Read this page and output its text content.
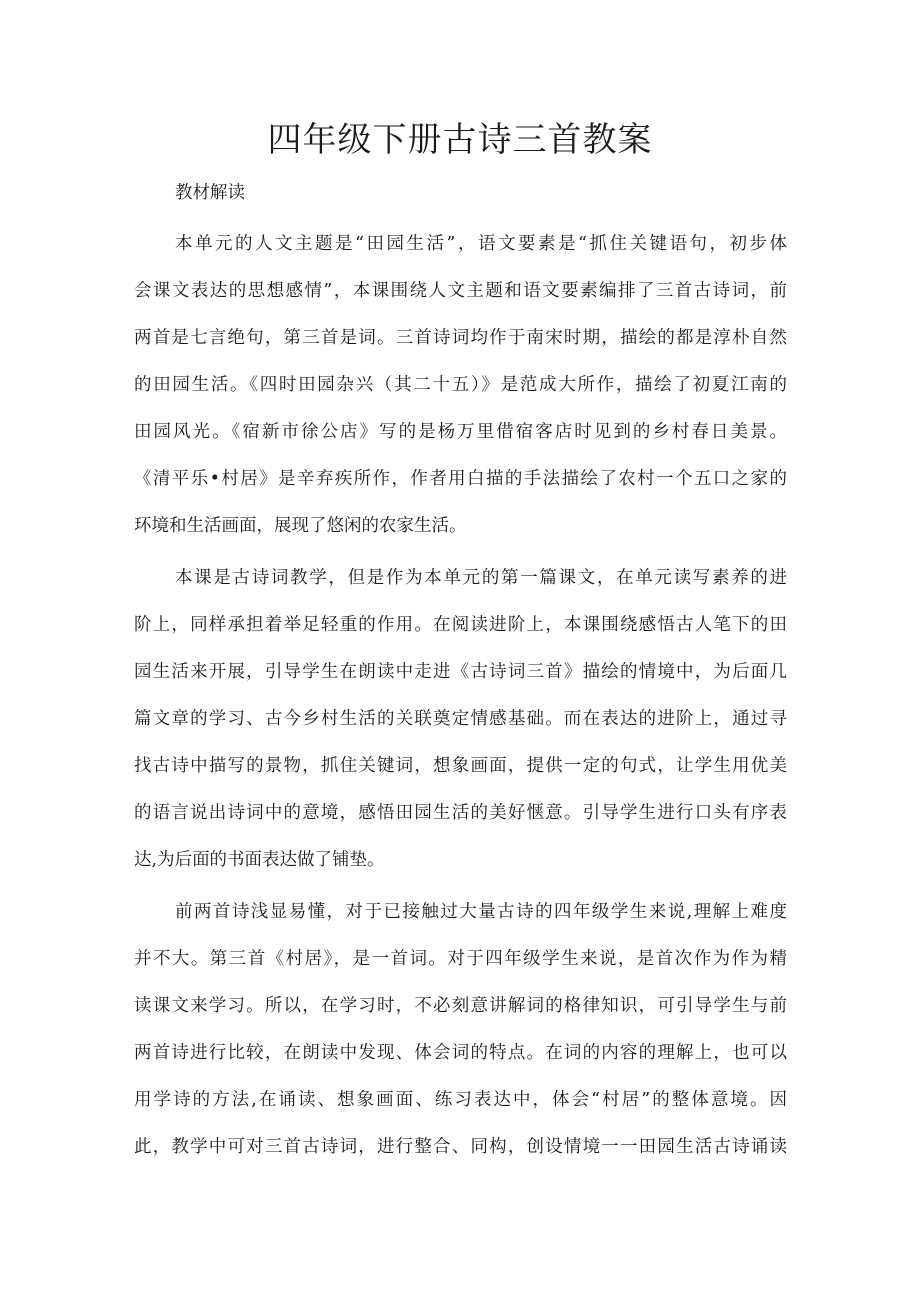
四年级下册古诗三首教案

教材解读

本单元的人文主题是“田园生活”，语文要素是“抓住关键语句，初步体

会课文表达的思想感情”，本课围绕人文主题和语文要素编排了三首古诗词，前

两首是七言绝句，第三首是词。三首诗词均作于南宋时期，描绘的都是淳朴自然

的田园生活。《四时田园杂兴（其二十五）》是范成大所作，描绘了初夏江南的

田园风光。《宿新市徐公店》写的是杨万里借宿客店时见到的乡村春日美景。

《清平乐•村居》是辛弃疾所作，作者用白描的手法描绘了农村一个五口之家的

环境和生活画面，展现了悠闲的农家生活。

本课是古诗词教学，但是作为本单元的第一篇课文，在单元读写素养的进

阶上，同样承担着举足轻重的作用。在阅读进阶上，本课围绕感悟古人笔下的田

园生活来开展，引导学生在朗读中走进《古诗词三首》描绘的情境中，为后面几

篇文章的学习、古今乡村生活的关联奠定情感基础。而在表达的进阶上，通过寻

找古诗中描写的景物，抓住关键词，想象画面，提供一定的句式，让学生用优美

的语言说出诗词中的意境，感悟田园生活的美好惬意。引导学生进行口头有序表

达,为后面的书面表达做了铺垫。

前两首诗浅显易懂，对于已接触过大量古诗的四年级学生来说,理解上难度

并不大。第三首《村居》，是一首词。对于四年级学生来说，是首次作为作为精

读课文来学习。所以，在学习时，不必刻意讲解词的格律知识，可引导学生与前

两首诗进行比较，在朗读中发现、体会词的特点。在词的内容的理解上，也可以

用学诗的方法,在诵读、想象画面、练习表达中，体会“村居”的整体意境。因

此，教学中可对三首古诗词，进行整合、同构，创设情境一一田园生活古诗诵读
